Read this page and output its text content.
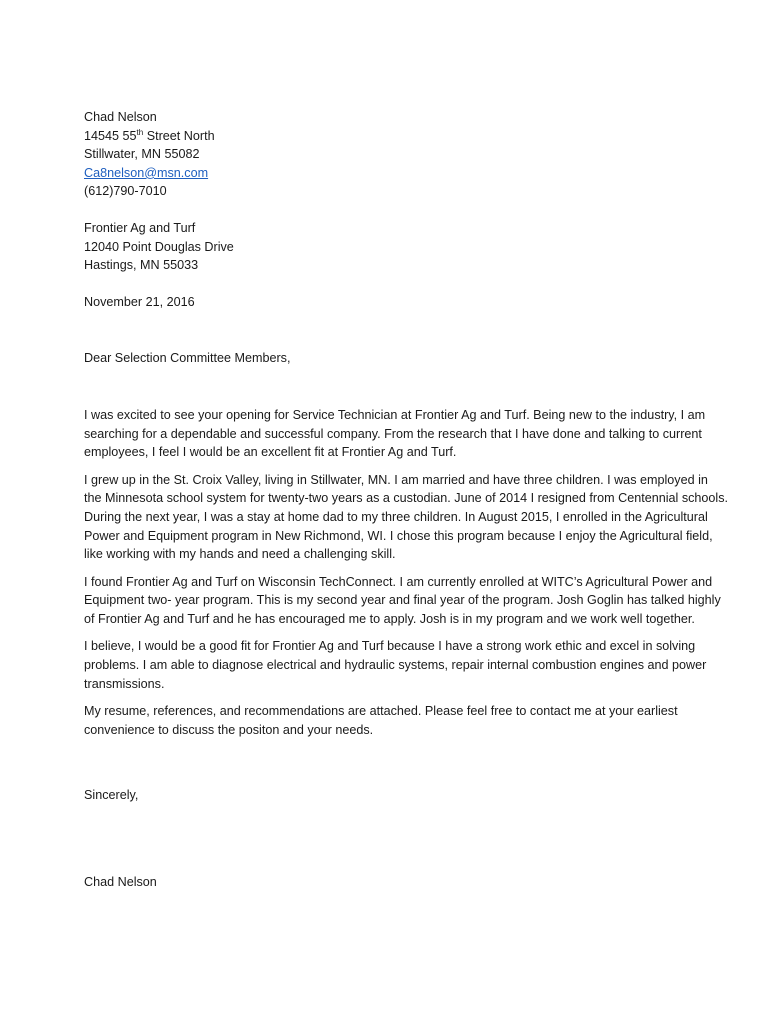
Chad Nelson
14545 55th Street North
Stillwater, MN 55082
Ca8nelson@msn.com
(612)790-7010
Frontier Ag and Turf
12040 Point Douglas Drive
Hastings, MN 55033
November 21, 2016
Dear Selection Committee Members,

I was excited to see your opening for Service Technician at Frontier Ag and Turf. Being new to the industry, I am
searching for a dependable and successful company. From the research that I have done and talking to current
employees, I feel I would be an excellent fit at Frontier Ag and Turf.

I grew up in the St. Croix Valley, living in Stillwater, MN. I am married and have three children. I was employed in
the Minnesota school system for twenty-two years as a custodian. June of 2014 I resigned from Centennial schools.
During the next year, I was a stay at home dad to my three children. In August 2015, I enrolled in the Agricultural
Power and Equipment program in New Richmond, WI. I chose this program because I enjoy the Agricultural field,
like working with my hands and need a challenging skill.

I found Frontier Ag and Turf on Wisconsin TechConnect. I am currently enrolled at WITC’s Agricultural Power and
Equipment two- year program. This is my second year and final year of the program. Josh Goglin has talked highly
of Frontier Ag and Turf and he has encouraged me to apply. Josh is in my program and we work well together.

I believe, I would be a good fit for Frontier Ag and Turf because I have a strong work ethic and excel in solving
problems. I am able to diagnose electrical and hydraulic systems, repair internal combustion engines and power
transmissions.

My resume, references, and recommendations are attached. Please feel free to contact me at your earliest
convenience to discuss the positon and your needs.

Sincerely,
Chad Nelson
